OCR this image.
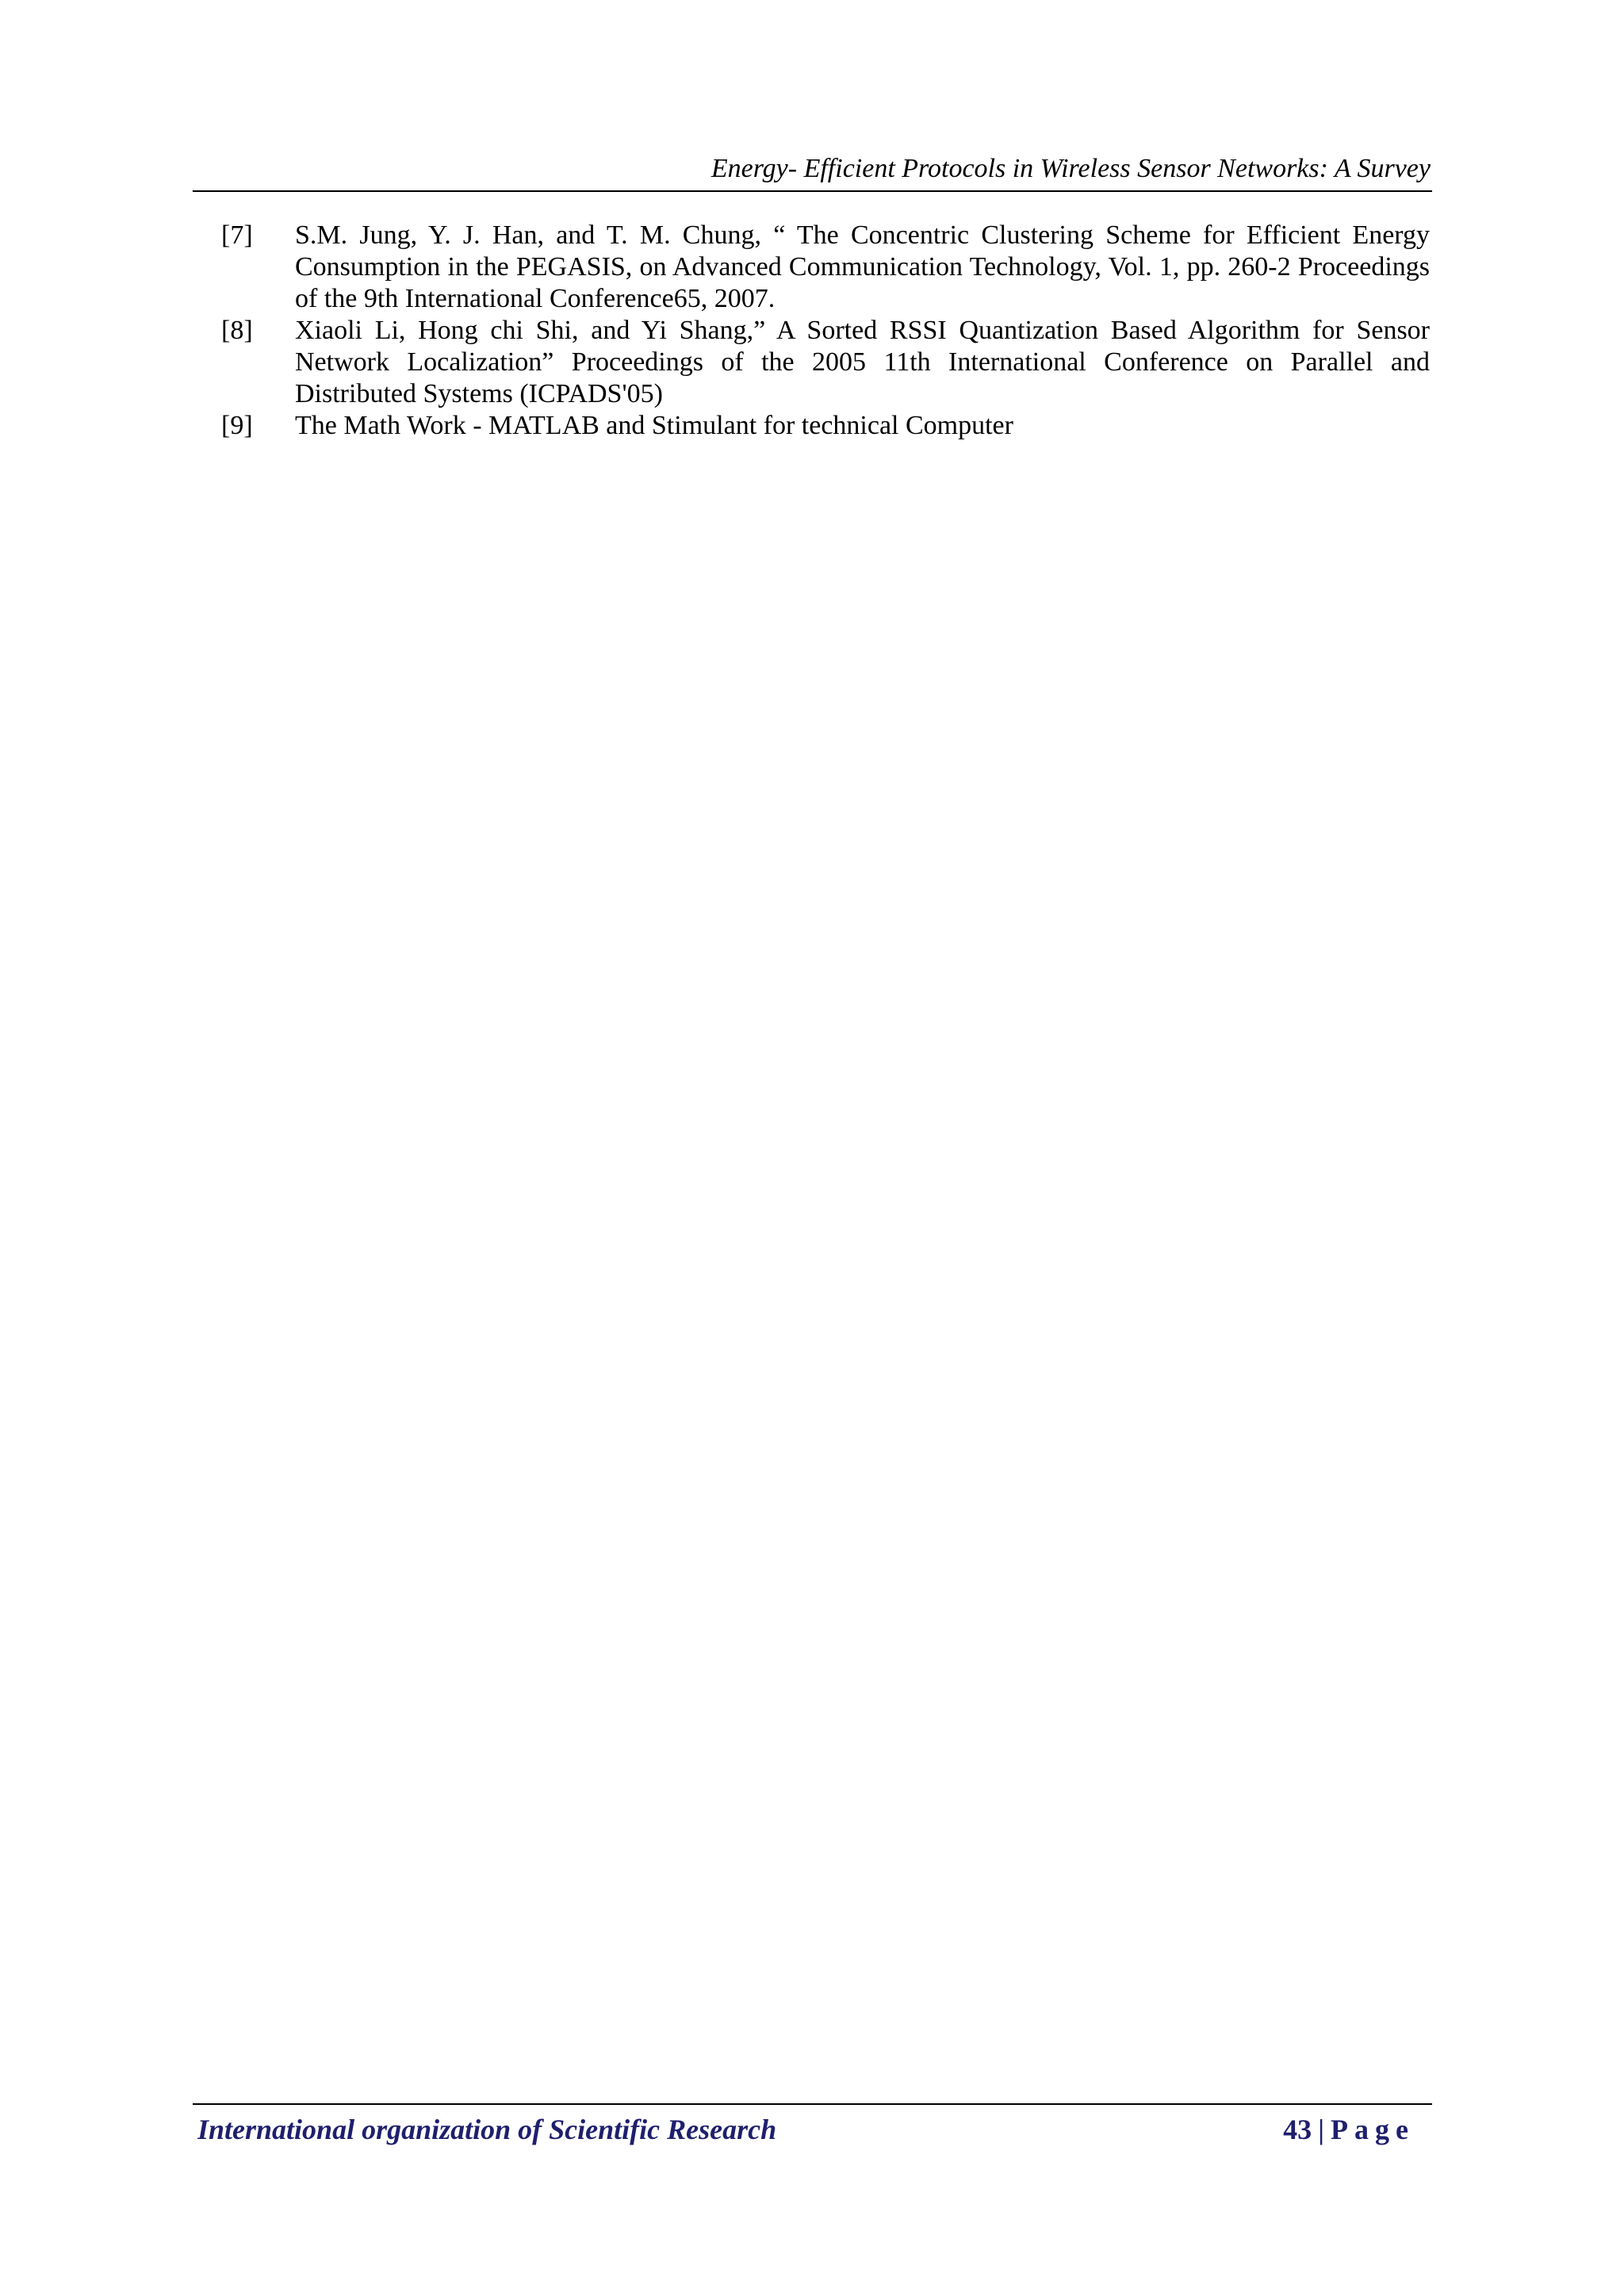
Energy- Efficient Protocols in Wireless Sensor Networks: A Survey
[7] S.M. Jung, Y. J. Han, and T. M. Chung, “ The Concentric Clustering Scheme for Efficient Energy Consumption in the PEGASIS, on Advanced Communication Technology, Vol. 1, pp. 260-2 Proceedings of the 9th International Conference65, 2007.
[8] Xiaoli Li, Hong chi Shi, and Yi Shang,” A Sorted RSSI Quantization Based Algorithm for Sensor Network Localization” Proceedings of the 2005 11th International Conference on Parallel and Distributed Systems (ICPADS'05)
[9] The Math Work - MATLAB and Stimulant for technical Computer
International organization of Scientific Research	43 | Page
